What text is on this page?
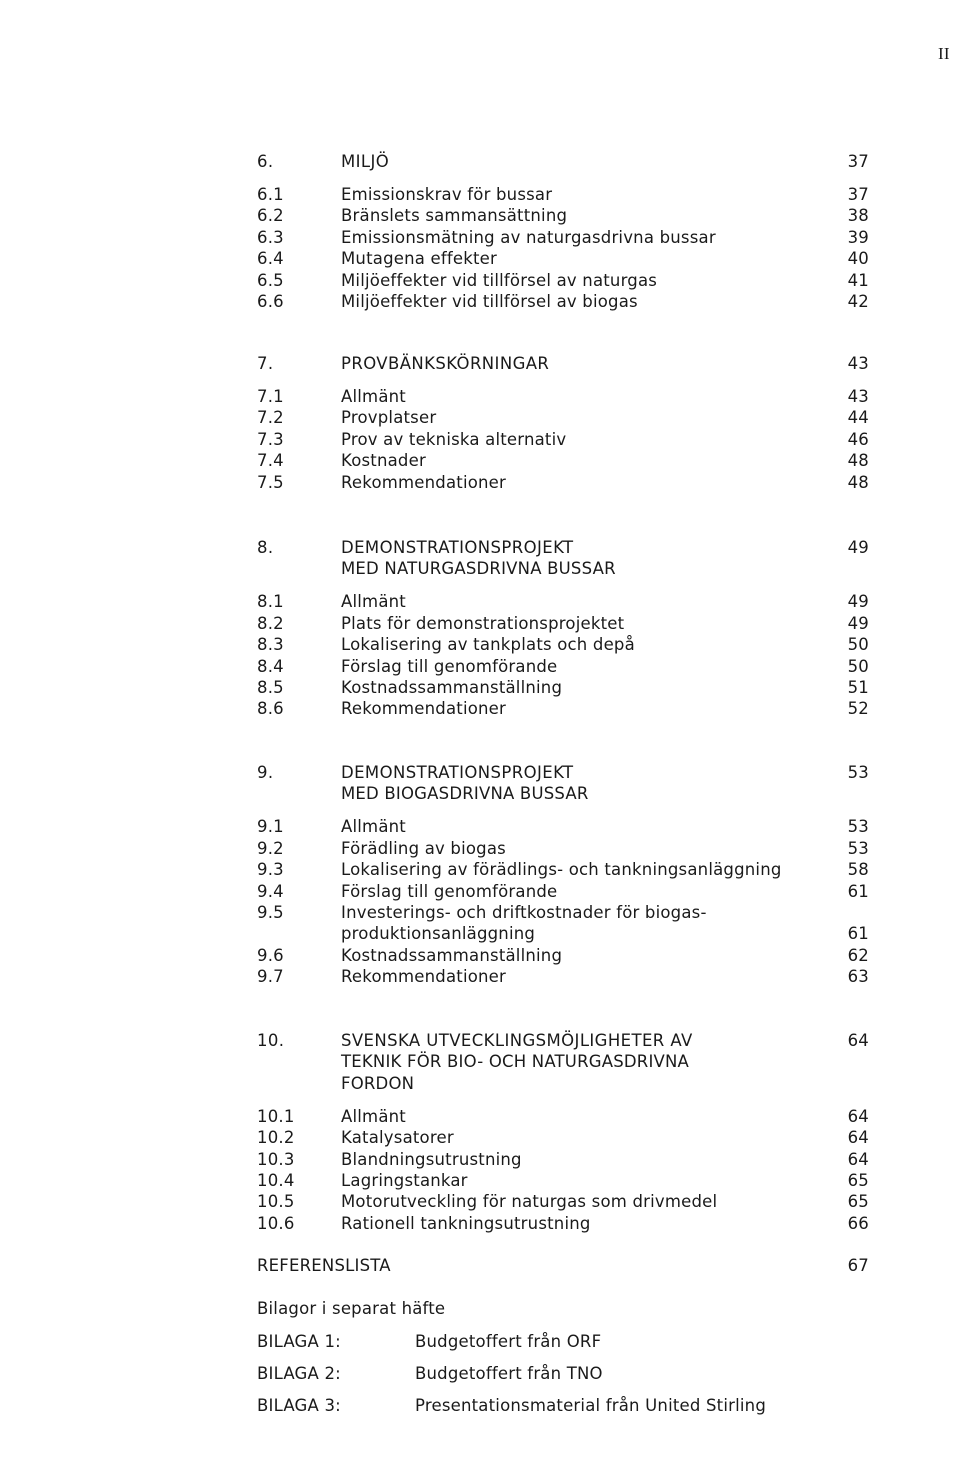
II
6.	MILJÖ	37
6.1	Emissionskrav för bussar	37
6.2	Bränslets sammansättning	38
6.3	Emissionsmätning av naturgasdrivna bussar	39
6.4	Mutagena effekter	40
6.5	Miljöeffekter vid tillförsel av naturgas	41
6.6	Miljöeffekter vid tillförsel av biogas	42
7.	PROVBÄNKSKÖRNINGAR	43
7.1	Allmänt	43
7.2	Provplatser	44
7.3	Prov av tekniska alternativ	46
7.4	Kostnader	48
7.5	Rekommendationer	48
8.	DEMONSTRATIONSPROJEKT	49
MED NATURGASDRIVNA BUSSAR
8.1	Allmänt	49
8.2	Plats för demonstrationsprojektet	49
8.3	Lokalisering av tankplats och depå	50
8.4	Förslag till genomförande	50
8.5	Kostnadssammanställning	51
8.6	Rekommendationer	52
9.	DEMONSTRATIONSPROJEKT	53
MED BIOGASDRIVNA BUSSAR
9.1	Allmänt	53
9.2	Förädling av biogas	53
9.3	Lokalisering av förädlings- och tankningsanläggning	58
9.4	Förslag till genomförande	61
9.5	Investerings- och driftkostnader för biogas-
produktionsanläggning	61
9.6	Kostnadssammanställning	62
9.7	Rekommendationer	63
10.	SVENSKA UTVECKLINGSMÖJLIGHETER AV	64
TEKNIK FÖR BIO- OCH NATURGASDRIVNA
FORDON
10.1	Allmänt	64
10.2	Katalysatorer	64
10.3	Blandningsutrustning	64
10.4	Lagringstankar	65
10.5	Motorutveckling för naturgas som drivmedel	65
10.6	Rationell tankningsutrustning	66
REFERENSLISTA	67
Bilagor i separat häfte
BILAGA 1:	Budgetoffert från ORF
BILAGA 2:	Budgetoffert från TNO
BILAGA 3:	Presentationsmaterial från United Stirling
